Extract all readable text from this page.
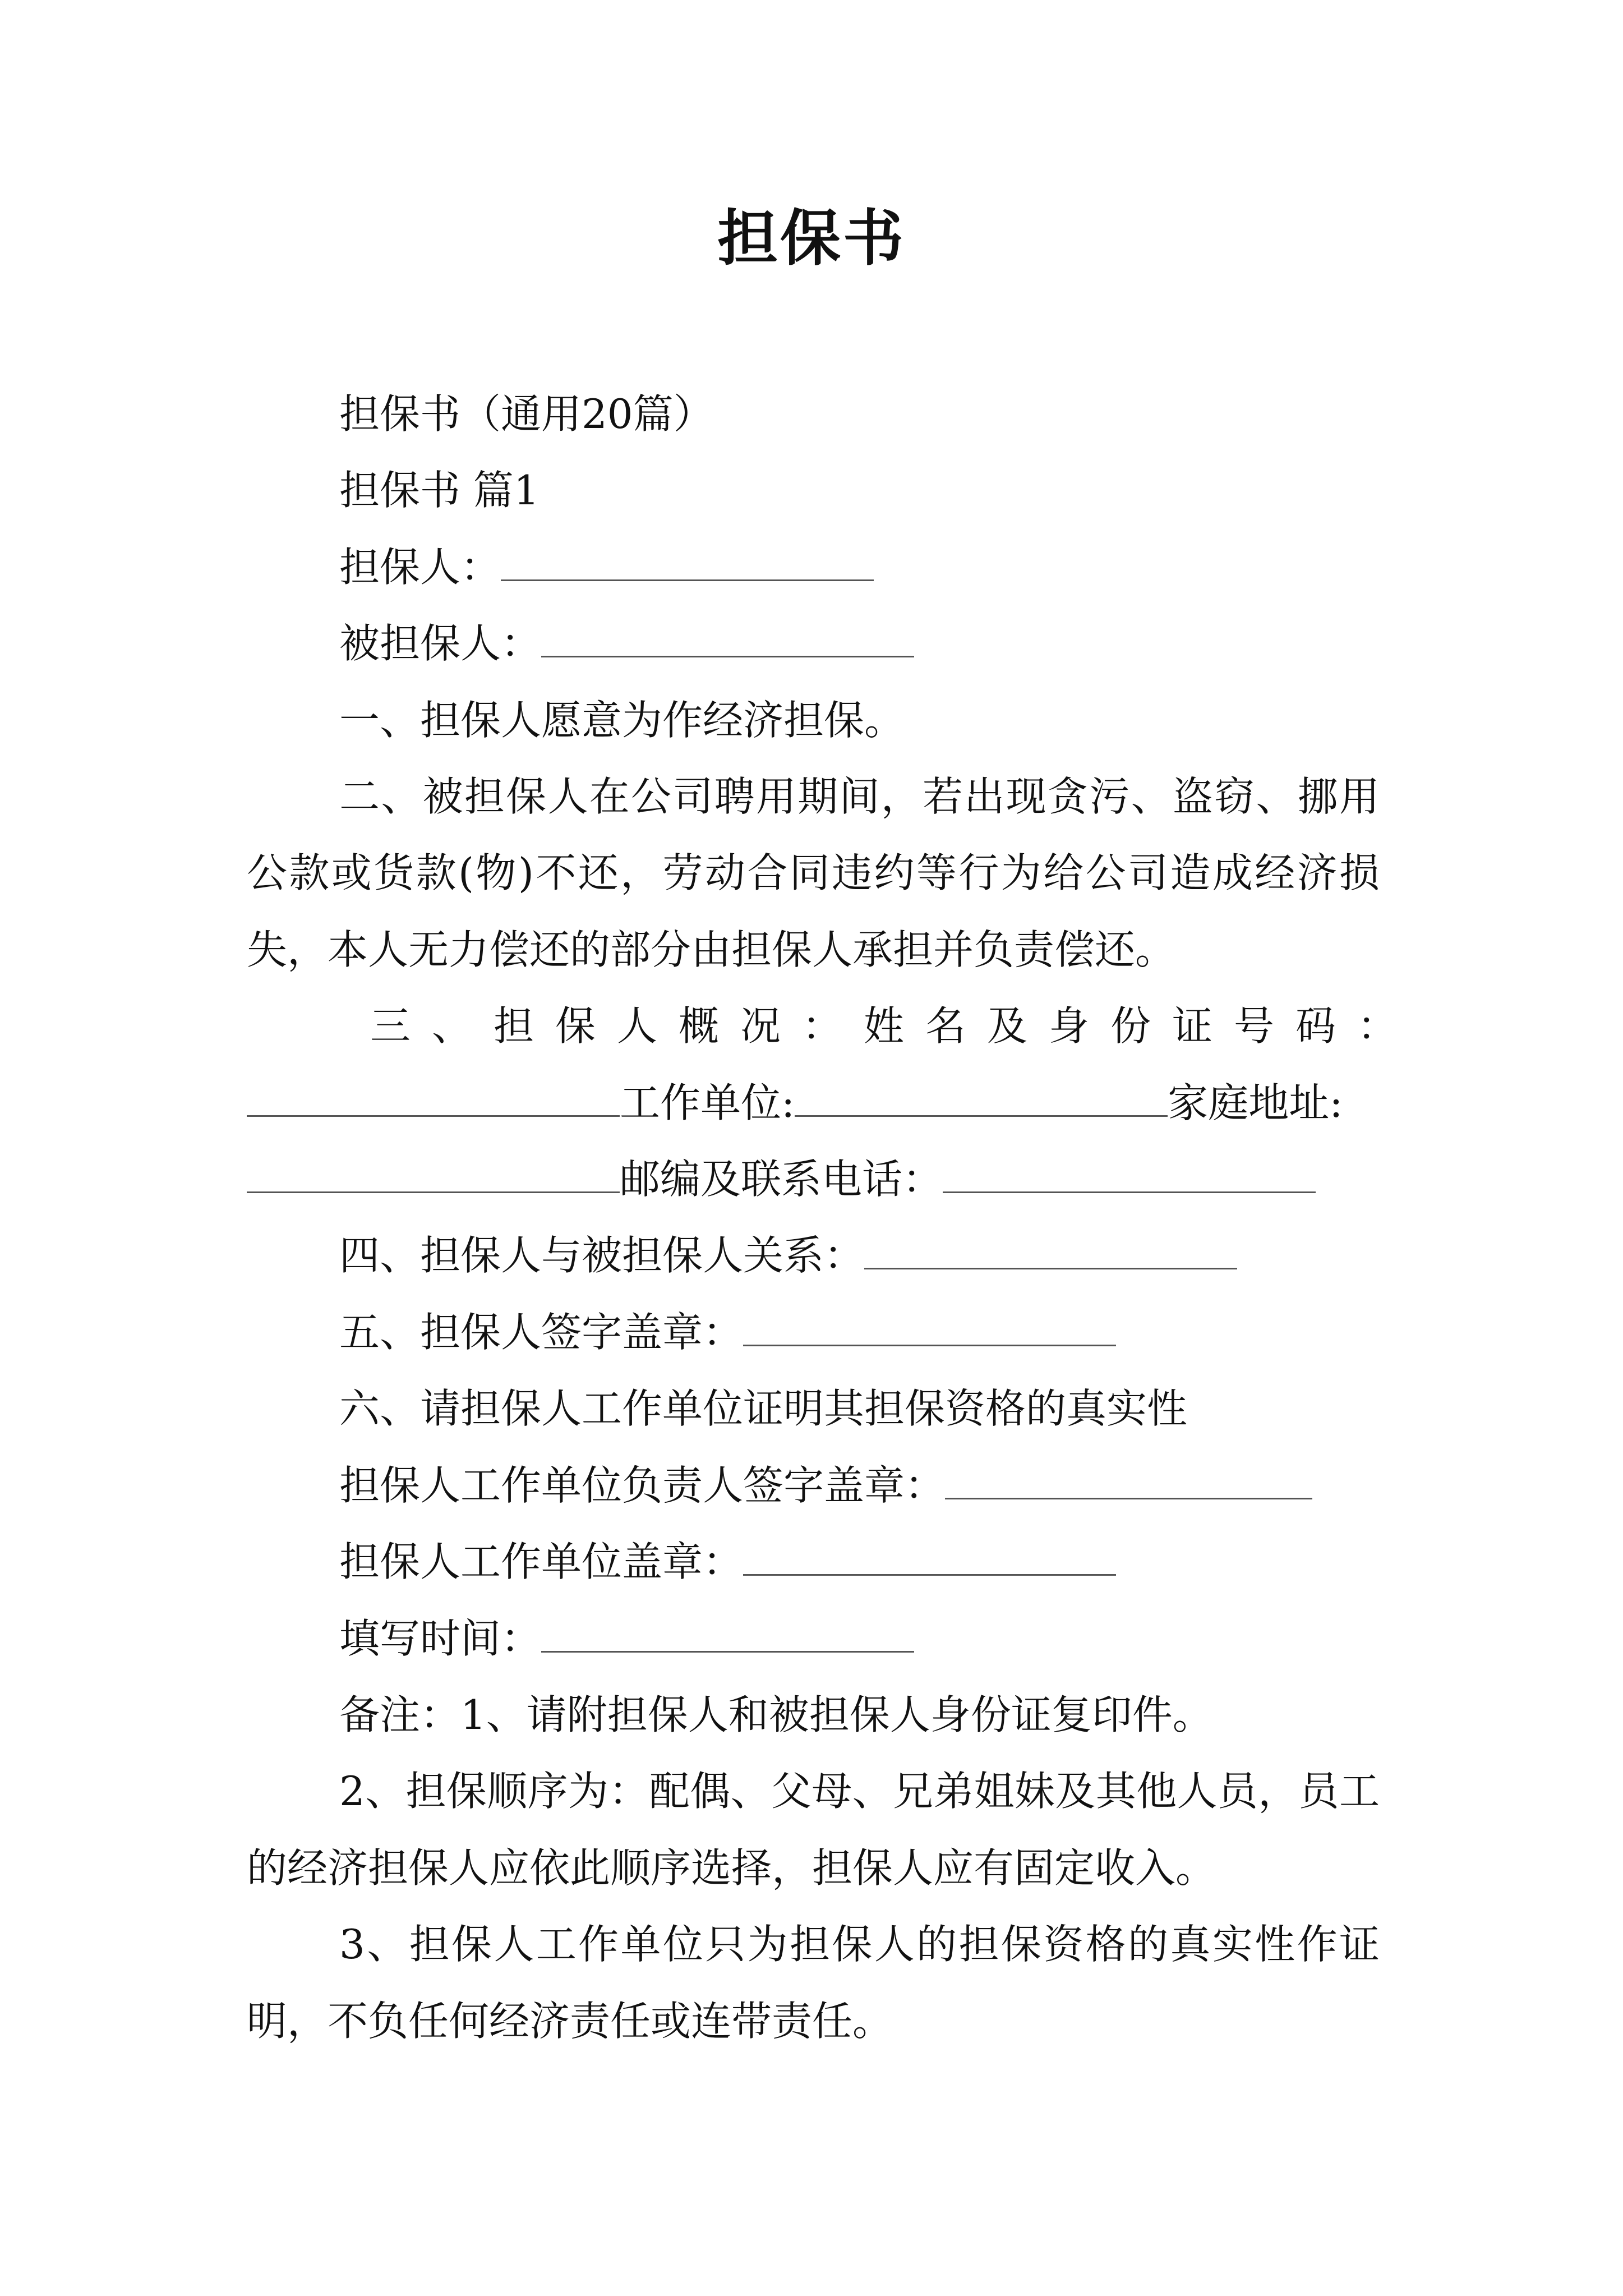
担保书

担保书（通用20篇）

担保书 篇1

担保人：

被担保人：

一、担保人愿意为作经济担保。

二、被担保人在公司聘用期间，若出现贪污、盗窃、挪用公款或货款(物)不还，劳动合同违约等行为给公司造成经济损失，本人无力偿还的部分由担保人承担并负责偿还。

三、担保人概况：姓名及身份证号码：

工作单位:	家庭地址:

邮编及联系电话：

四、担保人与被担保人关系：

五、担保人签字盖章：

六、请担保人工作单位证明其担保资格的真实性

担保人工作单位负责人签字盖章：

担保人工作单位盖章：

填写时间：

备注：1、请附担保人和被担保人身份证复印件。

2、担保顺序为：配偶、父母、兄弟姐妹及其他人员，员工的经济担保人应依此顺序选择，担保人应有固定收入。

3、担保人工作单位只为担保人的担保资格的真实性作证明，不负任何经济责任或连带责任。
